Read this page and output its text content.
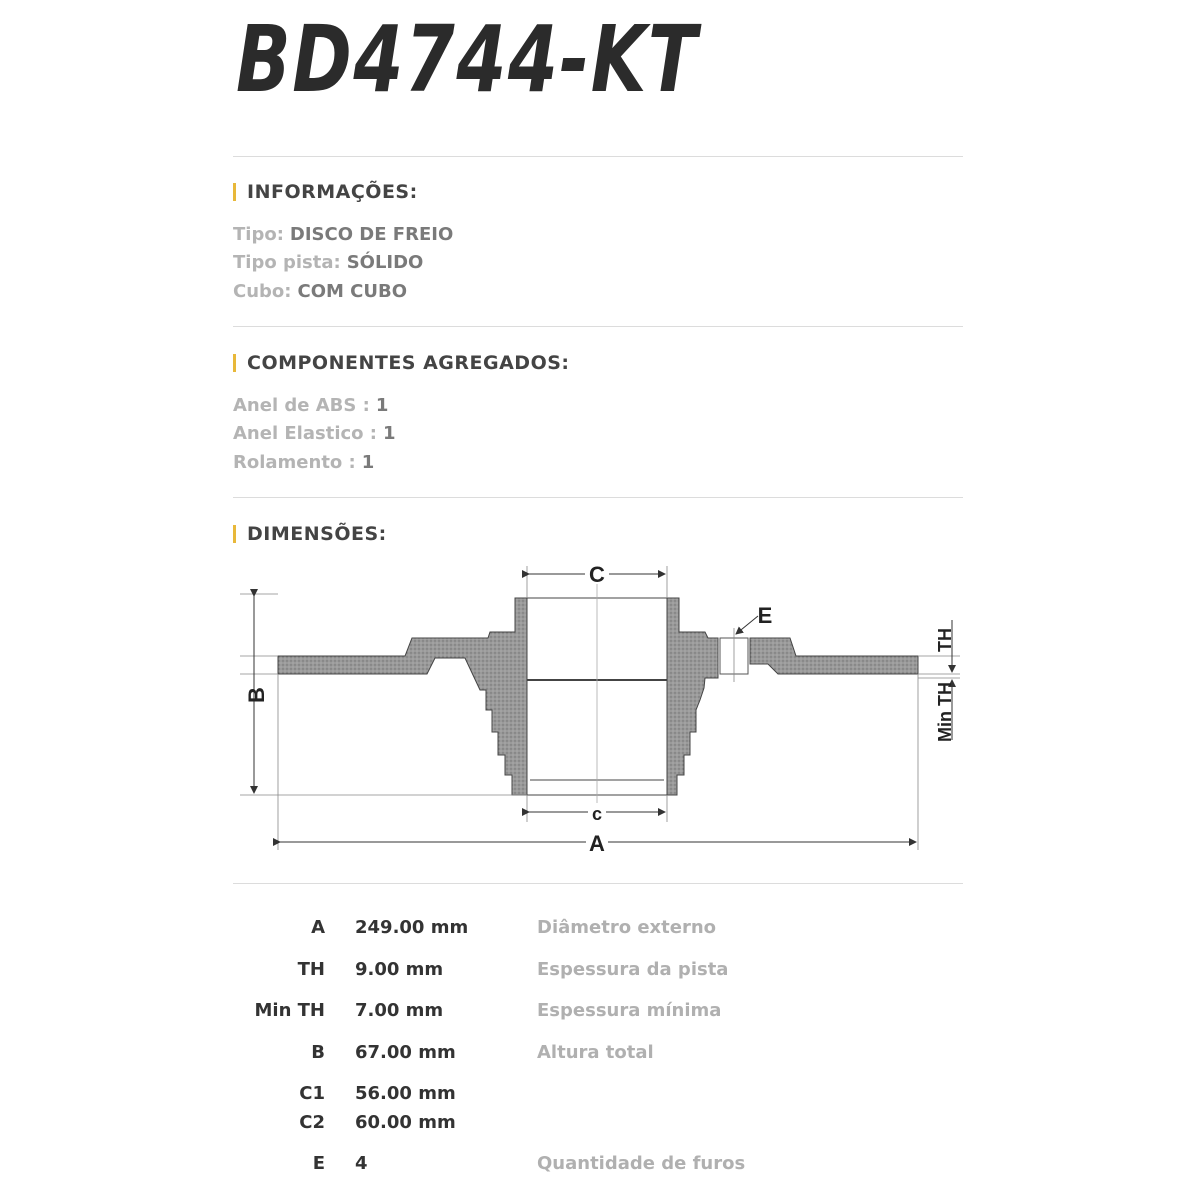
BD4744-KT
INFORMAÇÕES:
Tipo: DISCO DE FREIO
Tipo pista: SÓLIDO
Cubo: COM CUBO
COMPONENTES AGREGADOS:
Anel de ABS : 1
Anel Elastico : 1
Rolamento : 1
DIMENSÕES:
C
c
A
E
B
TH
Min TH
A 249.00 mm	Diâmetro externo
TH 9.00 mm	Espessura da pista
Min TH 7.00 mm	Espessura mínima
B 67.00 mm	Altura total
C1 56.00 mm
C2 60.00 mm
E 4	Quantidade de furos
